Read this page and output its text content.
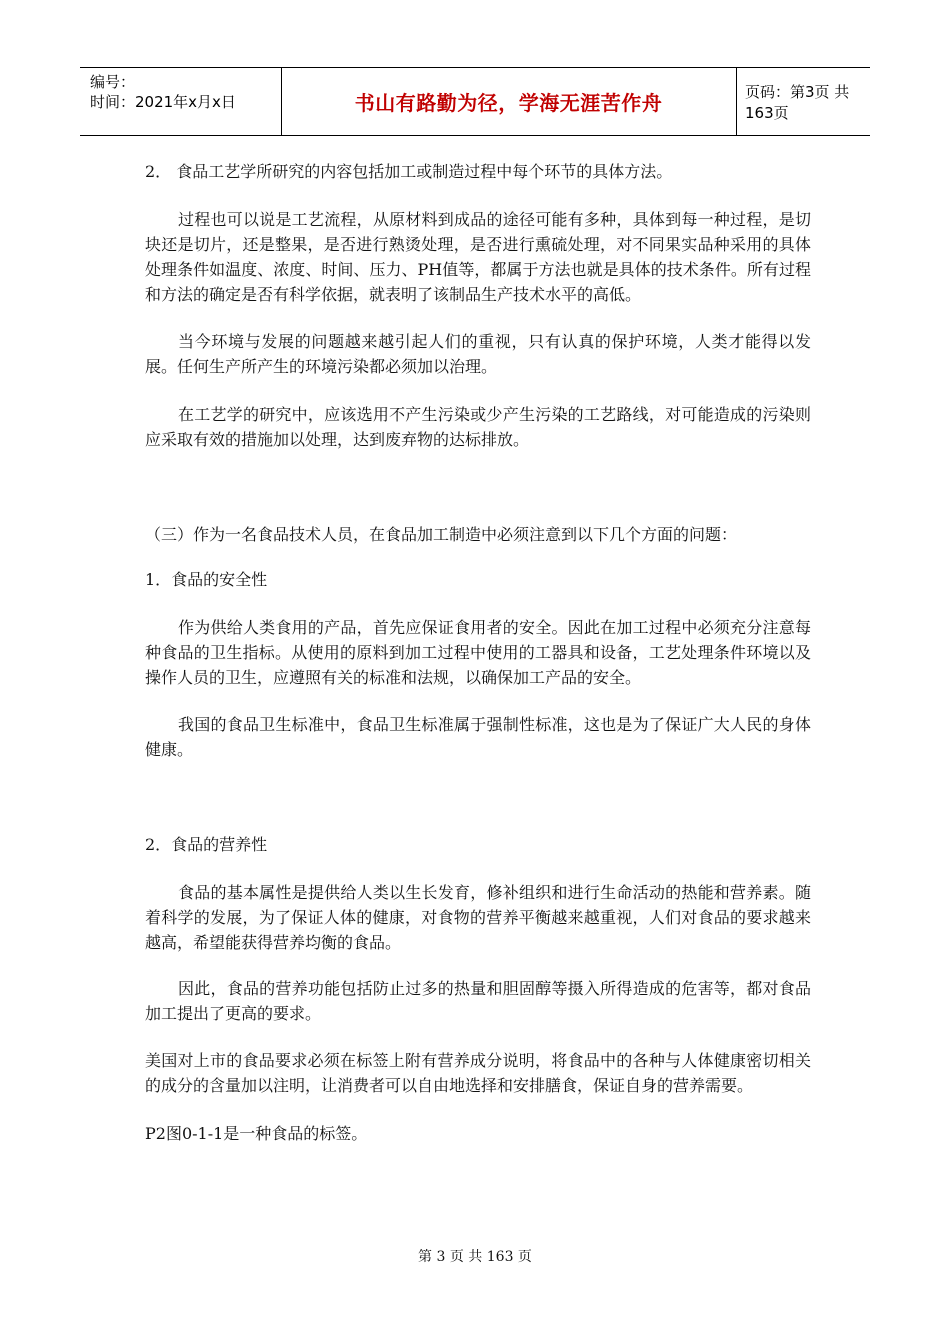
编号：
时间：2021年x月x日	书山有路勤为径，学海无涯苦作舟	页码：第3页 共163页

2． 食品工艺学所研究的内容包括加工或制造过程中每个环节的具体方法。

过程也可以说是工艺流程，从原材料到成品的途径可能有多种，具体到每一种过程，是切块还是切片，还是整果，是否进行熟烫处理，是否进行熏硫处理，对不同果实品种采用的具体处理条件如温度、浓度、时间、压力、PH值等，都属于方法也就是具体的技术条件。所有过程和方法的确定是否有科学依据，就表明了该制品生产技术水平的高低。

当今环境与发展的问题越来越引起人们的重视，只有认真的保护环境，人类才能得以发展。任何生产所产生的环境污染都必须加以治理。

在工艺学的研究中，应该选用不产生污染或少产生污染的工艺路线，对可能造成的污染则应采取有效的措施加以处理，达到废弃物的达标排放。

（三）作为一名食品技术人员，在食品加工制造中必须注意到以下几个方面的问题：

1．食品的安全性

作为供给人类食用的产品，首先应保证食用者的安全。因此在加工过程中必须充分注意每种食品的卫生指标。从使用的原料到加工过程中使用的工器具和设备，工艺处理条件环境以及操作人员的卫生，应遵照有关的标准和法规，以确保加工产品的安全。

我国的食品卫生标准中，食品卫生标准属于强制性标准，这也是为了保证广大人民的身体健康。

2．食品的营养性

食品的基本属性是提供给人类以生长发育，修补组织和进行生命活动的热能和营养素。随着科学的发展，为了保证人体的健康，对食物的营养平衡越来越重视，人们对食品的要求越来越高，希望能获得营养均衡的食品。

因此，食品的营养功能包括防止过多的热量和胆固醇等摄入所得造成的危害等，都对食品加工提出了更高的要求。

美国对上市的食品要求必须在标签上附有营养成分说明，将食品中的各种与人体健康密切相关的成分的含量加以注明，让消费者可以自由地选择和安排膳食，保证自身的营养需要。

P2图0-1-1是一种食品的标签。

第 3 页 共 163 页
